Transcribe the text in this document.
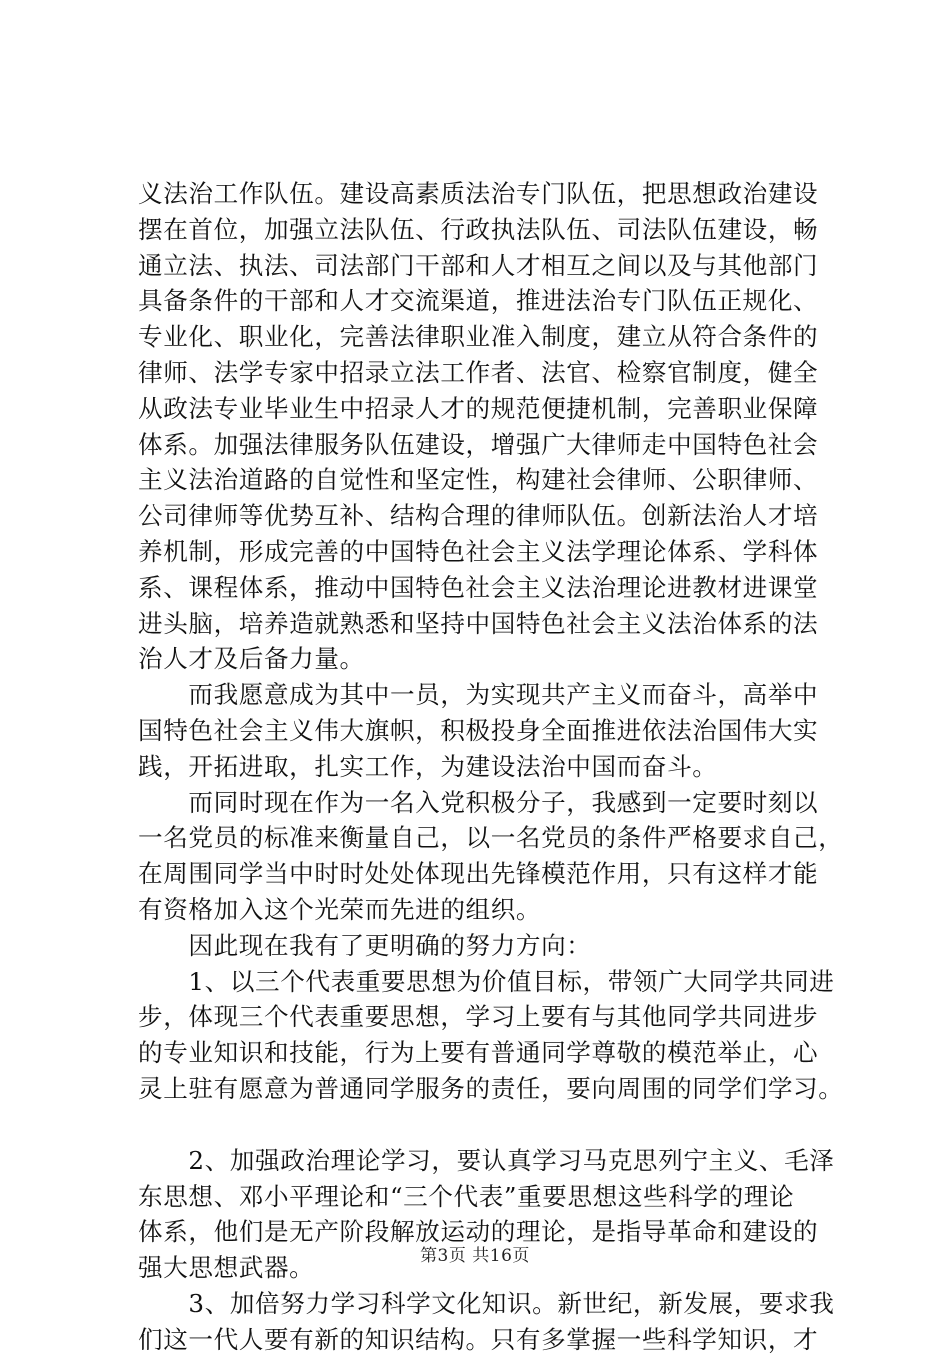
义法治工作队伍。建设高素质法治专门队伍，把思想政治建设
摆在首位，加强立法队伍、行政执法队伍、司法队伍建设，畅
通立法、执法、司法部门干部和人才相互之间以及与其他部门
具备条件的干部和人才交流渠道，推进法治专门队伍正规化、
专业化、职业化，完善法律职业准入制度，建立从符合条件的
律师、法学专家中招录立法工作者、法官、检察官制度，健全
从政法专业毕业生中招录人才的规范便捷机制，完善职业保障
体系。加强法律服务队伍建设，增强广大律师走中国特色社会
主义法治道路的自觉性和坚定性，构建社会律师、公职律师、
公司律师等优势互补、结构合理的律师队伍。创新法治人才培
养机制，形成完善的中国特色社会主义法学理论体系、学科体
系、课程体系，推动中国特色社会主义法治理论进教材进课堂
进头脑，培养造就熟悉和坚持中国特色社会主义法治体系的法
治人才及后备力量。
　　而我愿意成为其中一员，为实现共产主义而奋斗，高举中
国特色社会主义伟大旗帜，积极投身全面推进依法治国伟大实
践，开拓进取，扎实工作，为建设法治中国而奋斗。
　　而同时现在作为一名入党积极分子，我感到一定要时刻以
一名党员的标准来衡量自己，以一名党员的条件严格要求自己，
在周围同学当中时时处处体现出先锋模范作用，只有这样才能
有资格加入这个光荣而先进的组织。
　　因此现在我有了更明确的努力方向：
　　1、以三个代表重要思想为价值目标，带领广大同学共同进
步，体现三个代表重要思想，学习上要有与其他同学共同进步
的专业知识和技能，行为上要有普通同学尊敬的模范举止，心
灵上驻有愿意为普通同学服务的责任，要向周围的同学们学习。
　　2、加强政治理论学习，要认真学习马克思列宁主义、毛泽
东思想、邓小平理论和“三个代表”重要思想这些科学的理论
体系，他们是无产阶段解放运动的理论，是指导革命和建设的
强大思想武器。
　　3、加倍努力学习科学文化知识。新世纪，新发展，要求我
们这一代人要有新的知识结构。只有多掌握一些科学知识，才
第3页 共16页
